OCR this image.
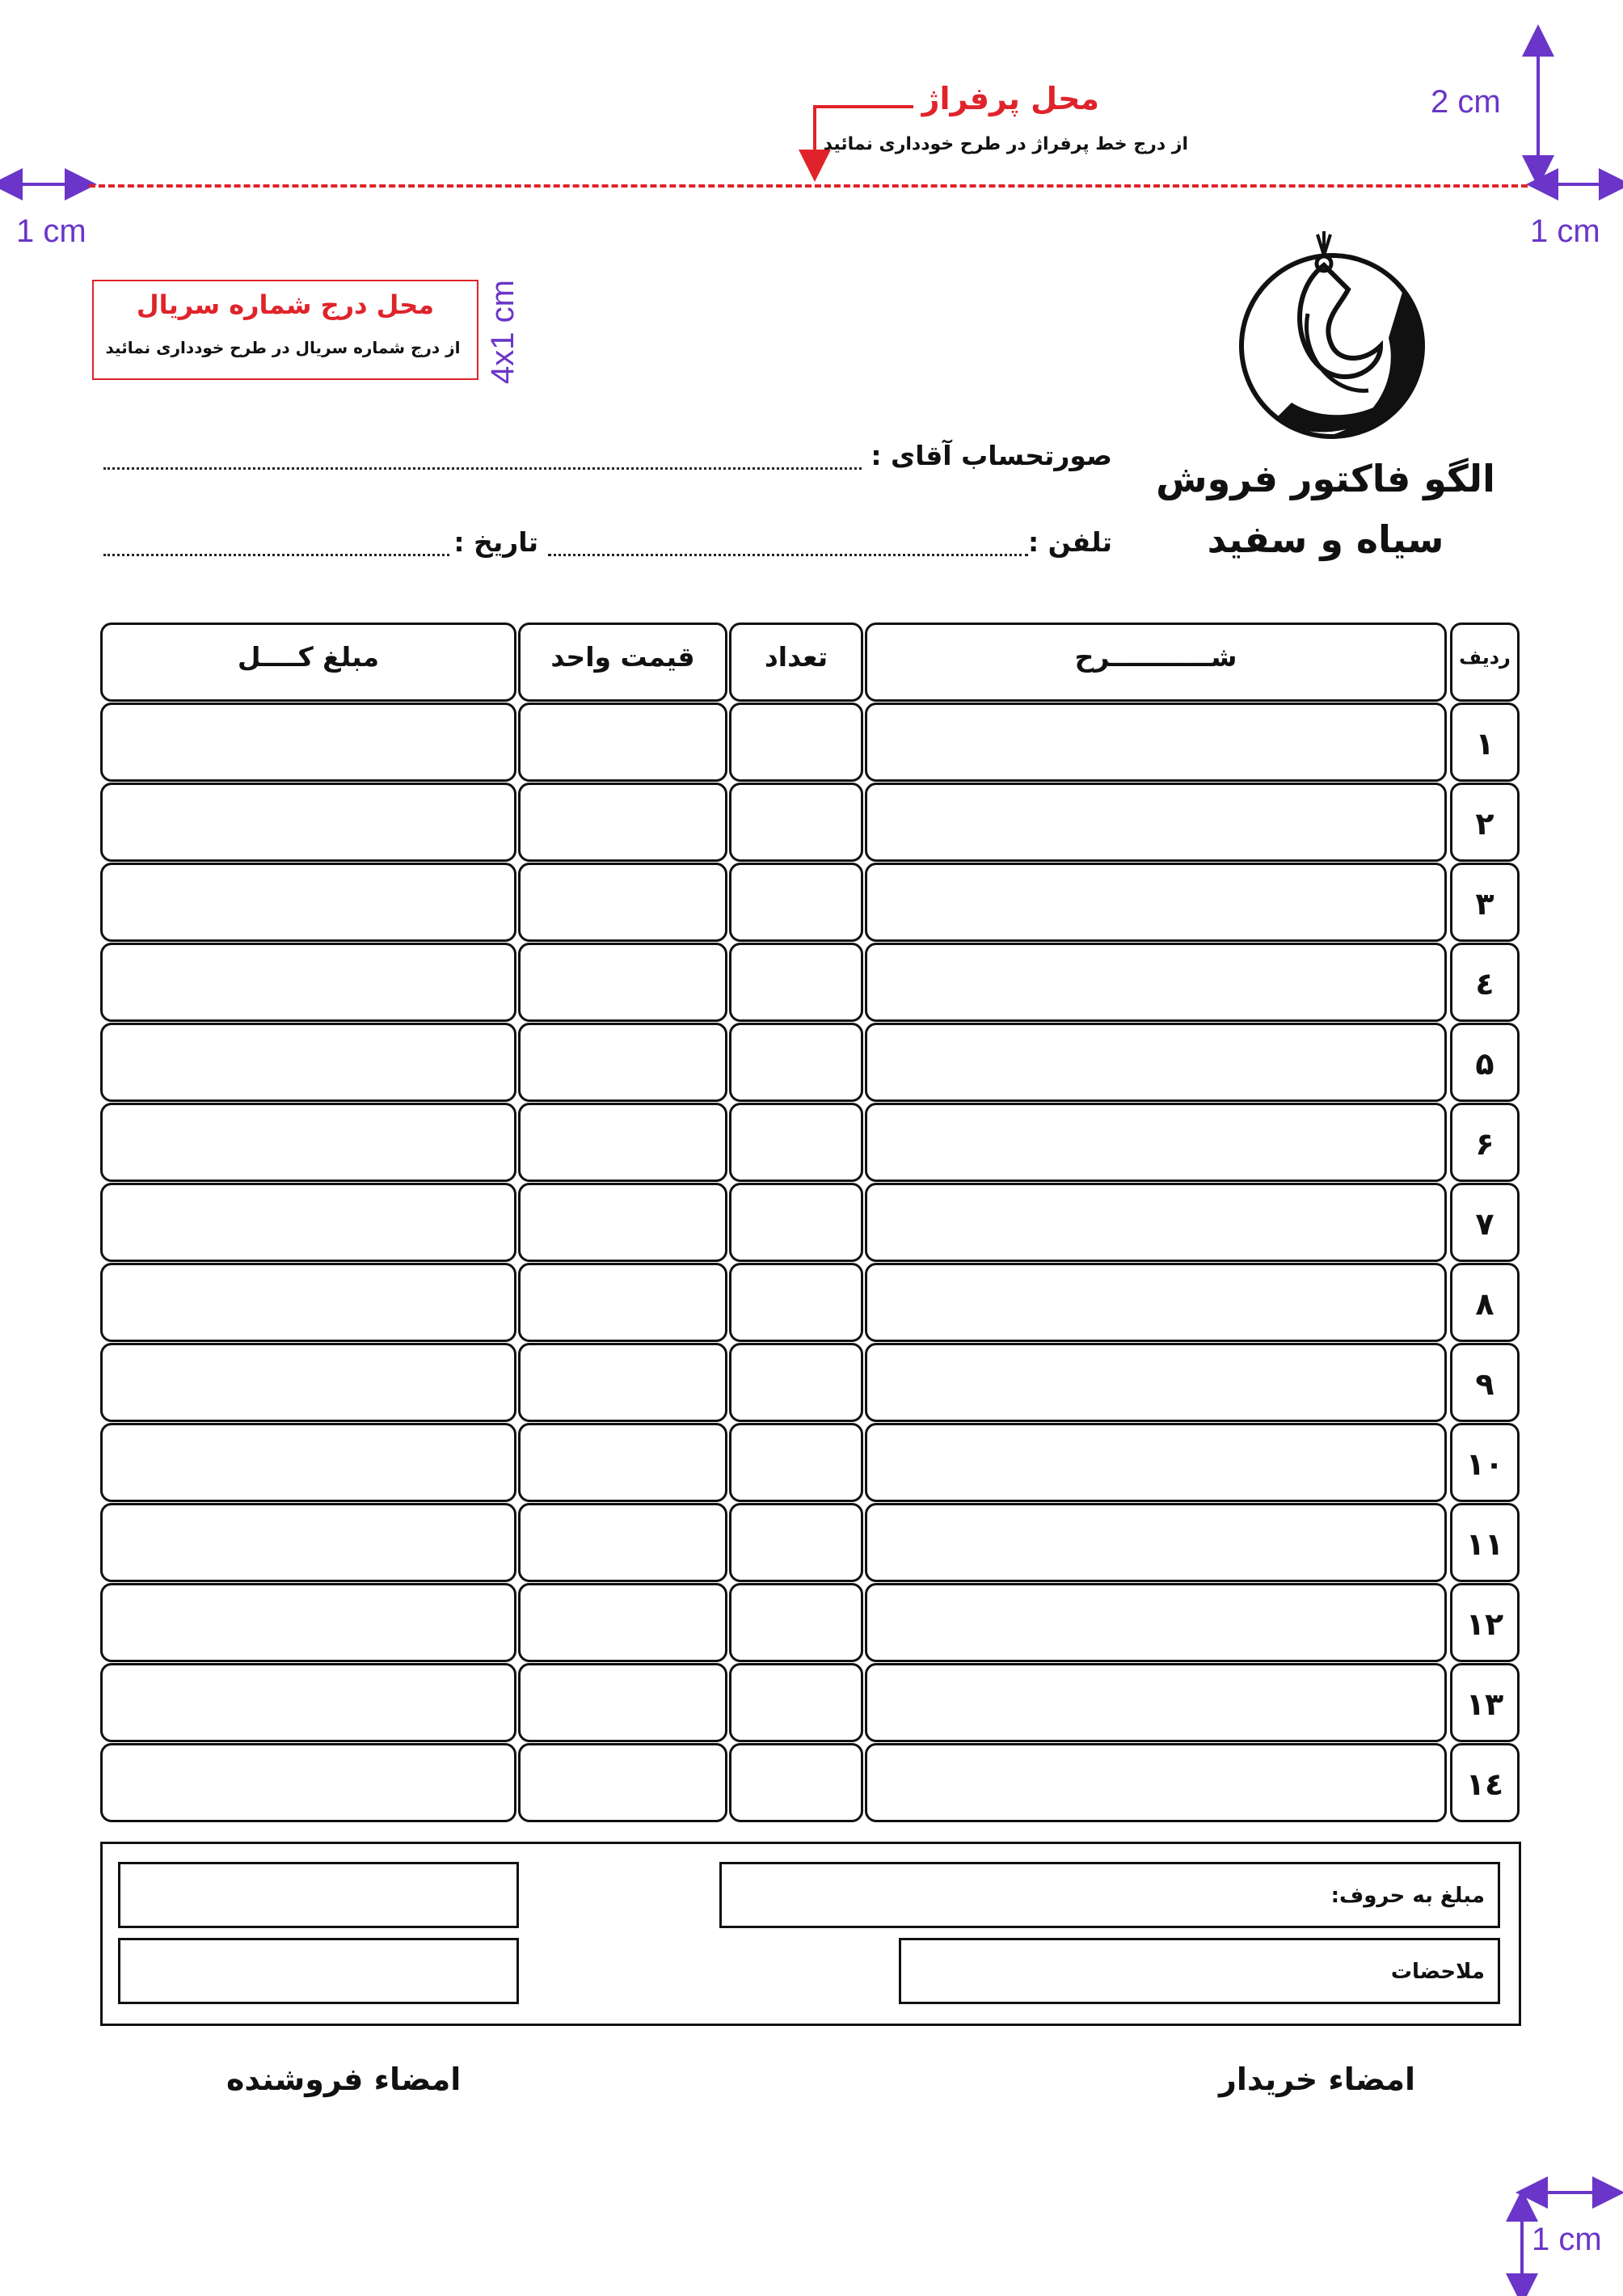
محل پرفراژ
از درج خط پرفراژ در طرح خودداری نمائید
2 cm
1 cm	1 cm
1 cm
4x1 cm
محل درج شماره سریال
از درج شماره سریال در طرح خودداری نمائید
الگو فاکتور فروش
سیاه و سفید
صورتحساب آقای :
تلفن :
تاریخ :
ردیف
شـــــــــــرح
تعداد
قیمت واحد
مبلغ کــــل
۱
۲
۳
٤
۵
۶
۷
۸
۹
۱۰
۱۱
۱۲
۱۳
۱٤
مبلغ به حروف:
ملاحضات
امضاء خریدار
امضاء فروشنده
